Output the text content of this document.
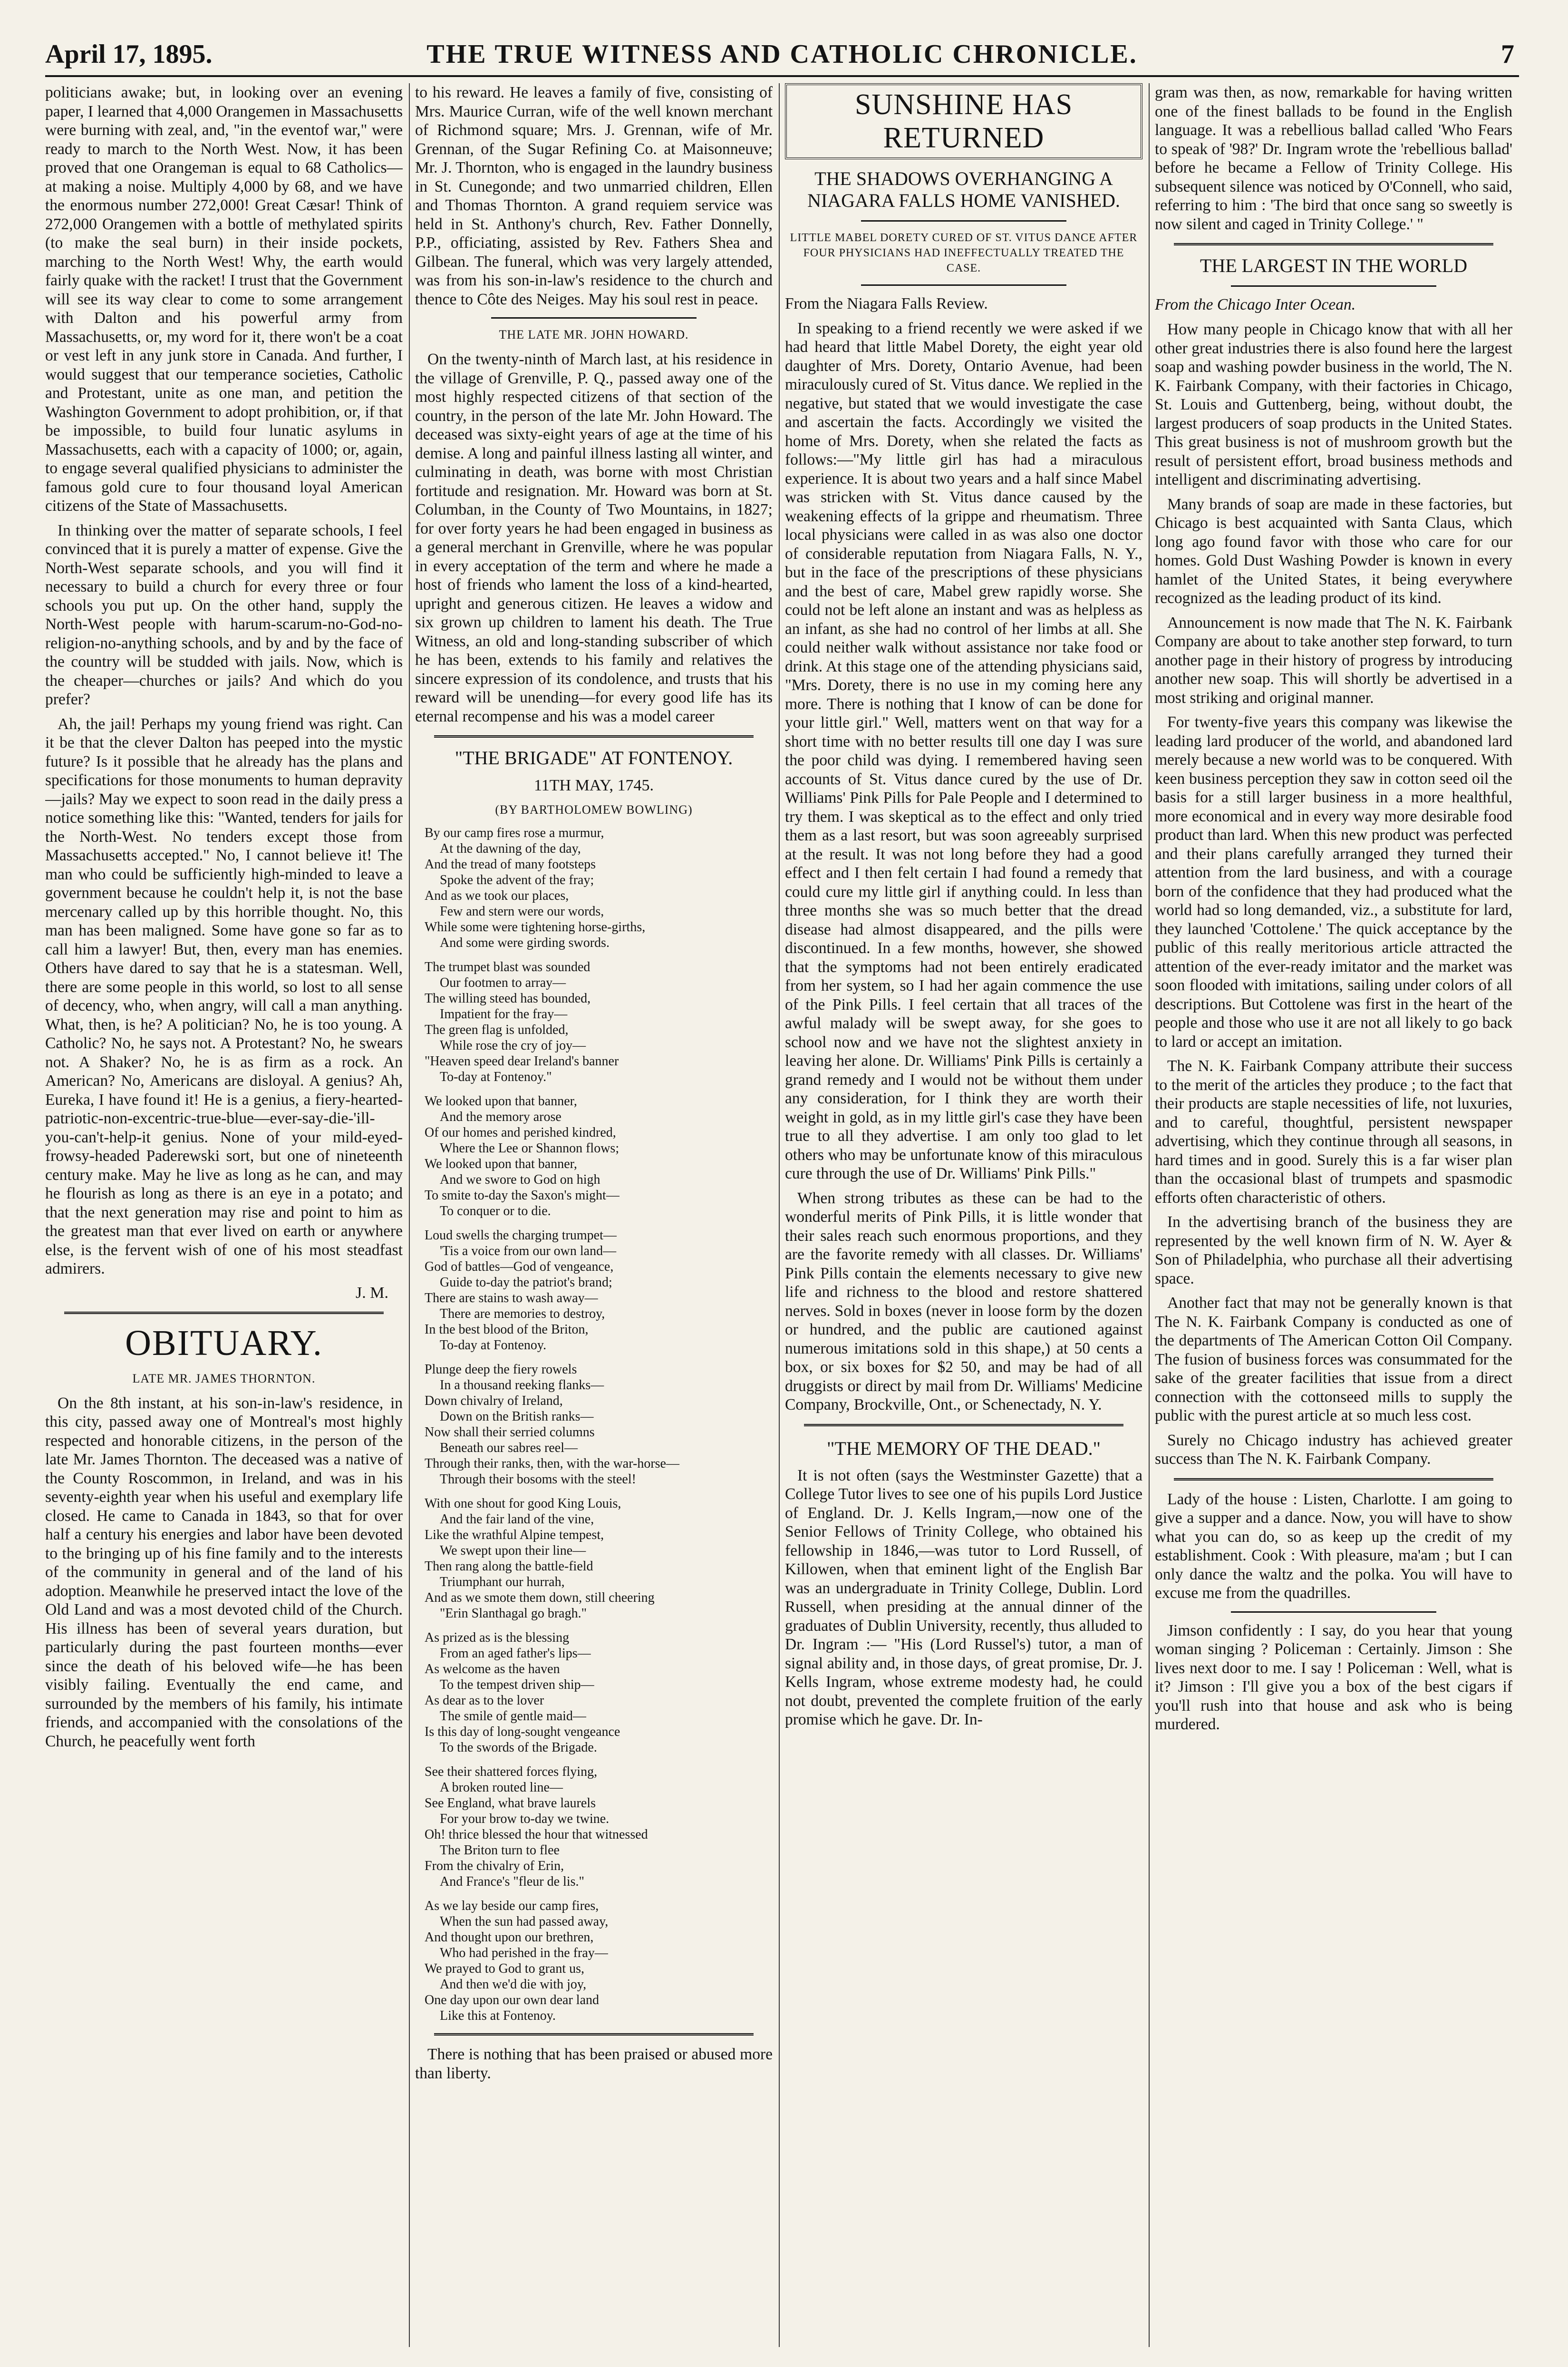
April 17, 1895.	THE TRUE WITNESS AND CATHOLIC CHRONICLE.	7

politicians awake; but, in looking over an evening paper, I learned that 4,000 Orangemen in Massachusetts were burning with zeal, and, "in the eventof war," were ready to march to the North West. Now, it has been proved that one Orangeman is equal to 68 Catholics—at making a noise. Multiply 4,000 by 68, and we have the enormous number 272,000! Great Cæsar! Think of 272,000 Orangemen with a bottle of methylated spirits (to make the seal burn) in their inside pockets, marching to the North West! Why, the earth would fairly quake with the racket! I trust that the Government will see its way clear to come to some arrangement with Dalton and his powerful army from Massachusetts, or, my word for it, there won't be a coat or vest left in any junk store in Canada. And further, I would suggest that our temperance societies, Catholic and Protestant, unite as one man, and petition the Washington Government to adopt prohibition, or, if that be impossible, to build four lunatic asylums in Massachusetts, each with a capacity of 1000; or, again, to engage several qualified physicians to administer the famous gold cure to four thousand loyal American citizens of the State of Massachusetts.

In thinking over the matter of separate schools, I feel convinced that it is purely a matter of expense. Give the North-West separate schools, and you will find it necessary to build a church for every three or four schools you put up. On the other hand, supply the North-West people with harum-scarum-no-God-no-religion-no-anything schools, and by and by the face of the country will be studded with jails. Now, which is the cheaper—churches or jails? And which do you prefer?

Ah, the jail! Perhaps my young friend was right. Can it be that the clever Dalton has peeped into the mystic future? Is it possible that he already has the plans and specifications for those monuments to human depravity—jails? May we expect to soon read in the daily press a notice something like this: "Wanted, tenders for jails for the North-West. No tenders except those from Massachusetts accepted." No, I cannot believe it! The man who could be sufficiently high-minded to leave a government because he couldn't help it, is not the base mercenary called up by this horrible thought. No, this man has been maligned. Some have gone so far as to call him a lawyer! But, then, every man has enemies. Others have dared to say that he is a statesman. Well, there are some people in this world, so lost to all sense of decency, who, when angry, will call a man anything. What, then, is he? A politician? No, he is too young. A Catholic? No, he says not. A Protestant? No, he swears not. A Shaker? No, he is as firm as a rock. An American? No, Americans are disloyal. A genius? Ah, Eureka, I have found it! He is a genius, a fiery-hearted-patriotic-non-excentric-true-blue—ever-say-die-'ill-you-can't-help-it genius. None of your mild-eyed-frowsy-headed Paderewski sort, but one of nineteenth century make. May he live as long as he can, and may he flourish as long as there is an eye in a potato; and that the next generation may rise and point to him as the greatest man that ever lived on earth or anywhere else, is the fervent wish of one of his most steadfast admirers.

J. M.
OBITUARY.
LATE MR. JAMES THORNTON.

On the 8th instant, at his son-in-law's residence, in this city, passed away one of Montreal's most highly respected and honorable citizens, in the person of the late Mr. James Thornton. The deceased was a native of the County Roscommon, in Ireland, and was in his seventy-eighth year when his useful and exemplary life closed. He came to Canada in 1843, so that for over half a century his energies and labor have been devoted to the bringing up of his fine family and to the interests of the community in general and of the land of his adoption. Meanwhile he preserved intact the love of the Old Land and was a most devoted child of the Church. His illness has been of several years duration, but particularly during the past fourteen months—ever since the death of his beloved wife—he has been visibly failing. Eventually the end came, and surrounded by the members of his family, his intimate friends, and accompanied with the consolations of the Church, he peacefully went forth

to his reward. He leaves a family of five, consisting of Mrs. Maurice Curran, wife of the well known merchant of Richmond square; Mrs. J. Grennan, wife of Mr. Grennan, of the Sugar Refining Co. at Maisonneuve; Mr. J. Thornton, who is engaged in the laundry business in St. Cunegonde; and two unmarried children, Ellen and Thomas Thornton. A grand requiem service was held in St. Anthony's church, Rev. Father Donnelly, P.P., officiating, assisted by Rev. Fathers Shea and Gilbean. The funeral, which was very largely attended, was from his son-in-law's residence to the church and thence to Côte des Neiges. May his soul rest in peace.

THE LATE MR. JOHN HOWARD.

On the twenty-ninth of March last, at his residence in the village of Grenville, P. Q., passed away one of the most highly respected citizens of that section of the country, in the person of the late Mr. John Howard. The deceased was sixty-eight years of age at the time of his demise. A long and painful illness lasting all winter, and culminating in death, was borne with most Christian fortitude and resignation. Mr. Howard was born at St. Columban, in the County of Two Mountains, in 1827; for over forty years he had been engaged in business as a general merchant in Grenville, where he was popular in every acceptation of the term and where he made a host of friends who lament the loss of a kind-hearted, upright and generous citizen. He leaves a widow and six grown up children to lament his death. The True Witness, an old and long-standing subscriber of which he has been, extends to his family and relatives the sincere expression of its condolence, and trusts that his reward will be unending—for every good life has its eternal recompense and his was a model career

"THE BRIGADE" AT FONTENOY.
11TH MAY, 1745.
(BY BARTHOLOMEW BOWLING)
By our camp fires rose a murmur,
At the dawning of the day,
And the tread of many footsteps
Spoke the advent of the fray;
And as we took our places,
Few and stern were our words,
While some were tightening horse-girths,
And some were girding swords.
The trumpet blast was sounded
Our footmen to array—
The willing steed has bounded,
Impatient for the fray—
The green flag is unfolded,
While rose the cry of joy—
"Heaven speed dear Ireland's banner
To-day at Fontenoy."
We looked upon that banner,
And the memory arose
Of our homes and perished kindred,
Where the Lee or Shannon flows;
We looked upon that banner,
And we swore to God on high
To smite to-day the Saxon's might—
To conquer or to die.
Loud swells the charging trumpet—
'Tis a voice from our own land—
God of battles—God of vengeance,
Guide to-day the patriot's brand;
There are stains to wash away—
There are memories to destroy,
In the best blood of the Briton,
To-day at Fontenoy.
Plunge deep the fiery rowels
In a thousand reeking flanks—
Down chivalry of Ireland,
Down on the British ranks—
Now shall their serried columns
Beneath our sabres reel—
Through their ranks, then, with the war-horse—
Through their bosoms with the steel!
With one shout for good King Louis,
And the fair land of the vine,
Like the wrathful Alpine tempest,
We swept upon their line—
Then rang along the battle-field
Triumphant our hurrah,
And as we smote them down, still cheering
"Erin Slanthagal go bragh."
As prized as is the blessing
From an aged father's lips—
As welcome as the haven
To the tempest driven ship—
As dear as to the lover
The smile of gentle maid—
Is this day of long-sought vengeance
To the swords of the Brigade.
See their shattered forces flying,
A broken routed line—
See England, what brave laurels
For your brow to-day we twine.
Oh! thrice blessed the hour that witnessed
The Briton turn to flee
From the chivalry of Erin,
And France's "fleur de lis."
As we lay beside our camp fires,
When the sun had passed away,
And thought upon our brethren,
Who had perished in the fray—
We prayed to God to grant us,
And then we'd die with joy,
One day upon our own dear land
Like this at Fontenoy.

There is nothing that has been praised or abused more than liberty.

SUNSHINE HAS RETURNED
THE SHADOWS OVERHANGING A NIAGARA FALLS HOME VANISHED.
LITTLE MABEL DORETY CURED OF ST. VITUS DANCE AFTER FOUR PHYSICIANS HAD INEFFECTUALLY TREATED THE CASE.

From the Niagara Falls Review.

In speaking to a friend recently we were asked if we had heard that little Mabel Dorety, the eight year old daughter of Mrs. Dorety, Ontario Avenue, had been miraculously cured of St. Vitus dance. We replied in the negative, but stated that we would investigate the case and ascertain the facts. Accordingly we visited the home of Mrs. Dorety, when she related the facts as follows:—"My little girl has had a miraculous experience. It is about two years and a half since Mabel was stricken with St. Vitus dance caused by the weakening effects of la grippe and rheumatism. Three local physicians were called in as was also one doctor of considerable reputation from Niagara Falls, N. Y., but in the face of the prescriptions of these physicians and the best of care, Mabel grew rapidly worse. She could not be left alone an instant and was as helpless as an infant, as she had no control of her limbs at all. She could neither walk without assistance nor take food or drink. At this stage one of the attending physicians said, "Mrs. Dorety, there is no use in my coming here any more. There is nothing that I know of can be done for your little girl." Well, matters went on that way for a short time with no better results till one day I was sure the poor child was dying. I remembered having seen accounts of St. Vitus dance cured by the use of Dr. Williams' Pink Pills for Pale People and I determined to try them. I was skeptical as to the effect and only tried them as a last resort, but was soon agreeably surprised at the result. It was not long before they had a good effect and I then felt certain I had found a remedy that could cure my little girl if anything could. In less than three months she was so much better that the dread disease had almost disappeared, and the pills were discontinued. In a few months, however, she showed that the symptoms had not been entirely eradicated from her system, so I had her again commence the use of the Pink Pills. I feel certain that all traces of the awful malady will be swept away, for she goes to school now and we have not the slightest anxiety in leaving her alone. Dr. Williams' Pink Pills is certainly a grand remedy and I would not be without them under any consideration, for I think they are worth their weight in gold, as in my little girl's case they have been true to all they advertise. I am only too glad to let others who may be unfortunate know of this miraculous cure through the use of Dr. Williams' Pink Pills."

When strong tributes as these can be had to the wonderful merits of Pink Pills, it is little wonder that their sales reach such enormous proportions, and they are the favorite remedy with all classes. Dr. Williams' Pink Pills contain the elements necessary to give new life and richness to the blood and restore shattered nerves. Sold in boxes (never in loose form by the dozen or hundred, and the public are cautioned against numerous imitations sold in this shape,) at 50 cents a box, or six boxes for $2 50, and may be had of all druggists or direct by mail from Dr. Williams' Medicine Company, Brockville, Ont., or Schenectady, N. Y.

"THE MEMORY OF THE DEAD."

It is not often (says the Westminster Gazette) that a College Tutor lives to see one of his pupils Lord Justice of England. Dr. J. Kells Ingram,—now one of the Senior Fellows of Trinity College, who obtained his fellowship in 1846,—was tutor to Lord Russell, of Killowen, when that eminent light of the English Bar was an undergraduate in Trinity College, Dublin. Lord Russell, when presiding at the annual dinner of the graduates of Dublin University, recently, thus alluded to Dr. Ingram :— "His (Lord Russel's) tutor, a man of signal ability and, in those days, of great promise, Dr. J. Kells Ingram, whose extreme modesty had, he could not doubt, prevented the complete fruition of the early promise which he gave. Dr. In-

gram was then, as now, remarkable for having written one of the finest ballads to be found in the English language. It was a rebellious ballad called 'Who Fears to speak of '98?' Dr. Ingram wrote the 'rebellious ballad' before he became a Fellow of Trinity College. His subsequent silence was noticed by O'Connell, who said, referring to him : 'The bird that once sang so sweetly is now silent and caged in Trinity College.' "

THE LARGEST IN THE WORLD
From the Chicago Inter Ocean.

How many people in Chicago know that with all her other great industries there is also found here the largest soap and washing powder business in the world, The N. K. Fairbank Company, with their factories in Chicago, St. Louis and Guttenberg, being, without doubt, the largest producers of soap products in the United States. This great business is not of mushroom growth but the result of persistent effort, broad business methods and intelligent and discriminating advertising.

Many brands of soap are made in these factories, but Chicago is best acquainted with Santa Claus, which long ago found favor with those who care for our homes. Gold Dust Washing Powder is known in every hamlet of the United States, it being everywhere recognized as the leading product of its kind.

Announcement is now made that The N. K. Fairbank Company are about to take another step forward, to turn another page in their history of progress by introducing another new soap. This will shortly be advertised in a most striking and original manner.

For twenty-five years this company was likewise the leading lard producer of the world, and abandoned lard merely because a new world was to be conquered. With keen business perception they saw in cotton seed oil the basis for a still larger business in a more healthful, more economical and in every way more desirable food product than lard. When this new product was perfected and their plans carefully arranged they turned their attention from the lard business, and with a courage born of the confidence that they had produced what the world had so long demanded, viz., a substitute for lard, they launched 'Cottolene.' The quick acceptance by the public of this really meritorious article attracted the attention of the ever-ready imitator and the market was soon flooded with imitations, sailing under colors of all descriptions. But Cottolene was first in the heart of the people and those who use it are not all likely to go back to lard or accept an imitation.

The N. K. Fairbank Company attribute their success to the merit of the articles they produce ; to the fact that their products are staple necessities of life, not luxuries, and to careful, thoughtful, persistent newspaper advertising, which they continue through all seasons, in hard times and in good. Surely this is a far wiser plan than the occasional blast of trumpets and spasmodic efforts often characteristic of others.

In the advertising branch of the business they are represented by the well known firm of N. W. Ayer & Son of Philadelphia, who purchase all their advertising space.

Another fact that may not be generally known is that The N. K. Fairbank Company is conducted as one of the departments of The American Cotton Oil Company. The fusion of business forces was consummated for the sake of the greater facilities that issue from a direct connection with the cottonseed mills to supply the public with the purest article at so much less cost.

Surely no Chicago industry has achieved greater success than The N. K. Fairbank Company.

Lady of the house : Listen, Charlotte. I am going to give a supper and a dance. Now, you will have to show what you can do, so as keep up the credit of my establishment. Cook : With pleasure, ma'am ; but I can only dance the waltz and the polka. You will have to excuse me from the quadrilles.

Jimson confidently : I say, do you hear that young woman singing ? Policeman : Certainly. Jimson : She lives next door to me. I say ! Policeman : Well, what is it? Jimson : I'll give you a box of the best cigars if you'll rush into that house and ask who is being murdered.
